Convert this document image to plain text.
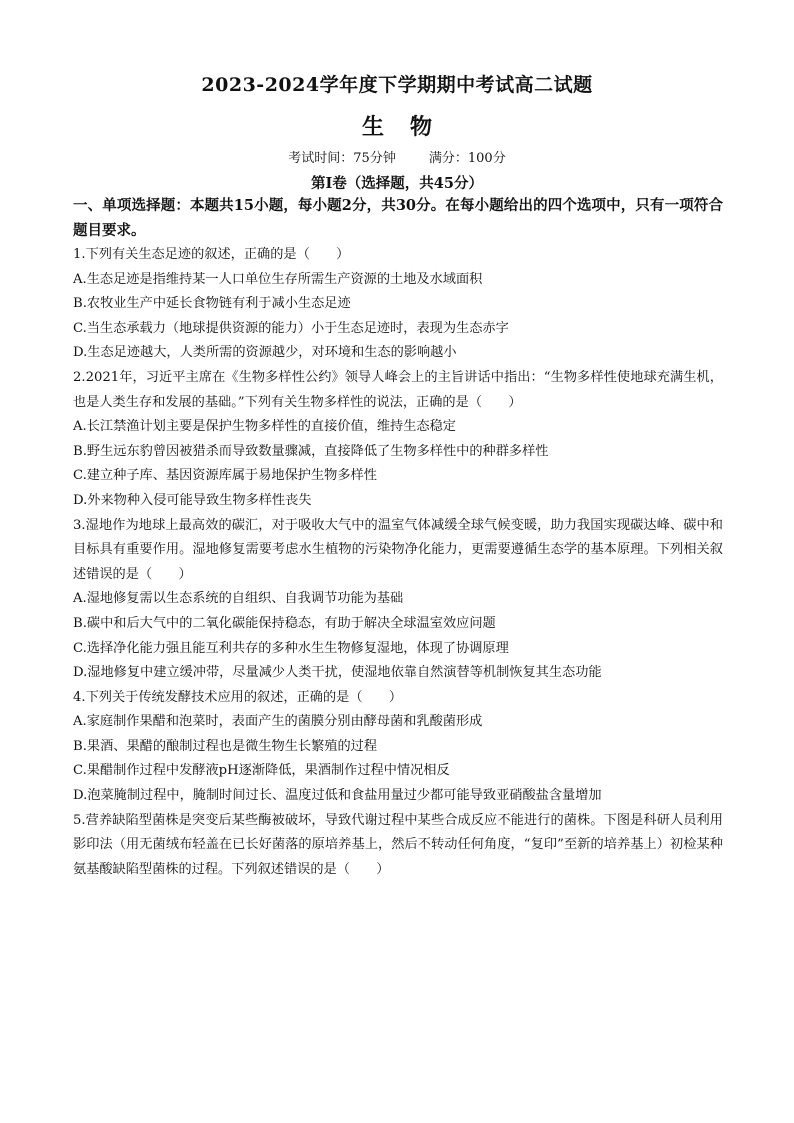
2023-2024学年度下学期期中考试高二试题
生物
考试时间：75分钟        满分：100分
第Ⅰ卷（选择题，共45分）
一、单项选择题：本题共15小题，每小题2分，共30分。在每小题给出的四个选项中，只有一项符合题目要求。
1.下列有关生态足迹的叙述，正确的是（　　）
A.生态足迹是指维持某一人口单位生存所需生产资源的土地及水域面积
B.农牧业生产中延长食物链有利于减小生态足迹
C.当生态承载力（地球提供资源的能力）小于生态足迹时，表现为生态赤字
D.生态足迹越大，人类所需的资源越少，对环境和生态的影响越小
2.2021年，习近平主席在《生物多样性公约》领导人峰会上的主旨讲话中指出：“生物多样性使地球充满生机，也是人类生存和发展的基础。”下列有关生物多样性的说法，正确的是（　　）
A.长江禁渔计划主要是保护生物多样性的直接价值，维持生态稳定
B.野生远东豹曾因被猎杀而导致数量骤减，直接降低了生物多样性中的种群多样性
C.建立种子库、基因资源库属于易地保护生物多样性
D.外来物种入侵可能导致生物多样性丧失
3.湿地作为地球上最高效的碳汇，对于吸收大气中的温室气体减缓全球气候变暖，助力我国实现碳达峰、碳中和目标具有重要作用。湿地修复需要考虑水生植物的污染物净化能力，更需要遵循生态学的基本原理。下列相关叙述错误的是（　　）
A.湿地修复需以生态系统的自组织、自我调节功能为基础
B.碳中和后大气中的二氧化碳能保持稳态，有助于解决全球温室效应问题
C.选择净化能力强且能互利共存的多种水生生物修复湿地，体现了协调原理
D.湿地修复中建立缓冲带，尽量减少人类干扰，使湿地依靠自然演替等机制恢复其生态功能
4.下列关于传统发酵技术应用的叙述，正确的是（　　）
A.家庭制作果醋和泡菜时，表面产生的菌膜分别由酵母菌和乳酸菌形成
B.果酒、果醋的酿制过程也是微生物生长繁殖的过程
C.果醋制作过程中发酵液pH逐渐降低，果酒制作过程中情况相反
D.泡菜腌制过程中，腌制时间过长、温度过低和食盐用量过少都可能导致亚硝酸盐含量增加
5.营养缺陷型菌株是突变后某些酶被破坏，导致代谢过程中某些合成反应不能进行的菌株。下图是科研人员利用影印法（用无菌绒布轻盖在已长好菌落的原培养基上，然后不转动任何角度，“复印”至新的培养基上）初检某种氨基酸缺陷型菌株的过程。下列叙述错误的是（　　）
